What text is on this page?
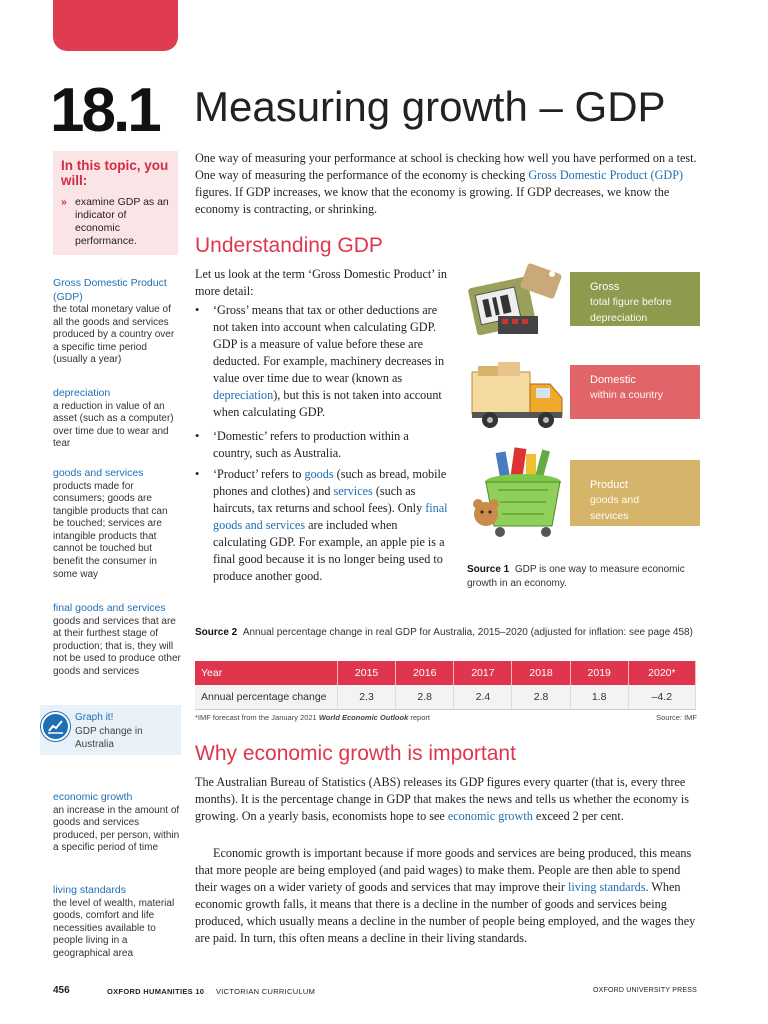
18.1 Measuring growth – GDP
In this topic, you will:
» examine GDP as an indicator of economic performance.
Gross Domestic Product (GDP)
the total monetary value of all the goods and services produced by a country over a specific time period (usually a year)
depreciation
a reduction in value of an asset (such as a computer) over time due to wear and tear
goods and services
products made for consumers; goods are tangible products that can be touched; services are intangible products that cannot be touched but benefit the consumer in some way
final goods and services
goods and services that are at their furthest stage of production; that is, they will not be used to produce other goods and services
Graph it!
GDP change in Australia
economic growth
an increase in the amount of goods and services produced, per person, within a specific period of time
living standards
the level of wealth, material goods, comfort and life necessities available to people living in a geographical area
One way of measuring your performance at school is checking how well you have performed on a test. One way of measuring the performance of the economy is checking Gross Domestic Product (GDP) figures. If GDP increases, we know that the economy is growing. If GDP decreases, we know the economy is contracting, or shrinking.
Understanding GDP
Let us look at the term ‘Gross Domestic Product’ in more detail:
• ‘Gross’ means that tax or other deductions are not taken into account when calculating GDP. GDP is a measure of value before these are deducted. For example, machinery decreases in value over time due to wear (known as depreciation), but this is not taken into account when calculating GDP.
• ‘Domestic’ refers to production within a country, such as Australia.
• ‘Product’ refers to goods (such as bread, mobile phones and clothes) and services (such as haircuts, tax returns and school fees). Only final goods and services are included when calculating GDP. For example, an apple pie is a final good because it is no longer being used to produce another good.
Gross
total figure before depreciation
Domestic
within a country
Product
goods and services
Source 1 GDP is one way to measure economic growth in an economy.
Source 2 Annual percentage change in real GDP for Australia, 2015–2020 (adjusted for inflation: see page 458)
Year	2015	2016	2017	2018	2019	2020*
Annual percentage change	2.3	2.8	2.4	2.8	1.8	–4.2
*IMF forecast from the January 2021 World Economic Outlook report	Source: IMF
Why economic growth is important
The Australian Bureau of Statistics (ABS) releases its GDP figures every quarter (that is, every three months). It is the percentage change in GDP that makes the news and tells us whether the economy is growing. On a yearly basis, economists hope to see economic growth exceed 2 per cent.
Economic growth is important because if more goods and services are being produced, this means that more people are being employed (and paid wages) to make them. People are then able to spend their wages on a wider variety of goods and services that may improve their living standards. When economic growth falls, it means that there is a decline in the number of goods and services being produced, which usually means a decline in the number of people being employed, and the wages they are paid. In turn, this often means a decline in their living standards.
456	OXFORD HUMANITIES 10 VICTORIAN CURRICULUM	OXFORD UNIVERSITY PRESS
